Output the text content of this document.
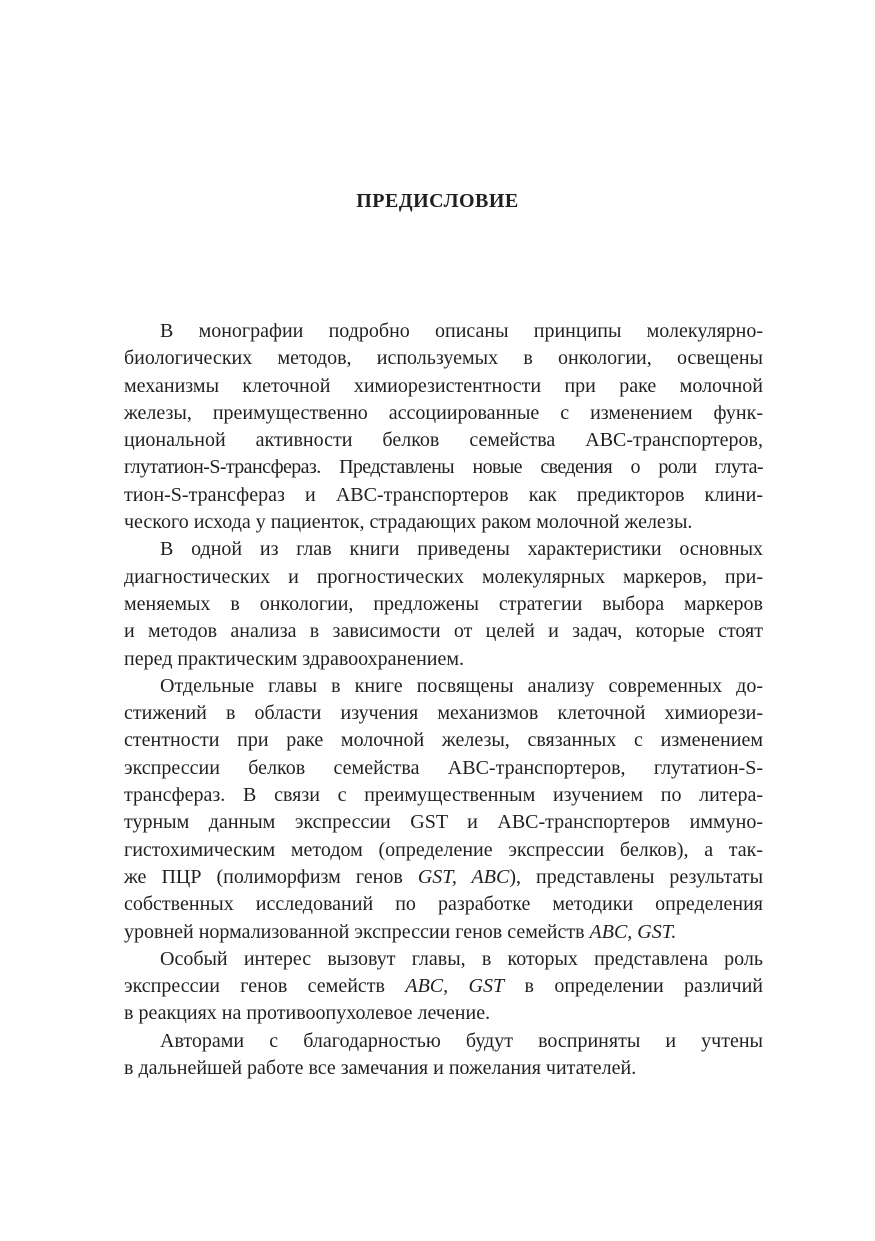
ПРЕДИСЛОВИЕ

В монографии подробно описаны принципы молекулярно-
биологических методов, используемых в онкологии, освещены
механизмы клеточной химиорезистентности при раке молочной
железы, преимущественно ассоциированные с изменением функ-
циональной активности белков семейства АВС-транспортеров,
глутатион-S-трансфераз. Представлены новые сведения о роли глута-
тион-S-трансфераз и АВС-транспортеров как предикторов клини-
ческого исхода у пациенток, страдающих раком молочной железы.

В одной из глав книги приведены характеристики основных
диагностических и прогностических молекулярных маркеров, при-
меняемых в онкологии, предложены стратегии выбора маркеров
и методов анализа в зависимости от целей и задач, которые стоят
перед практическим здравоохранением.

Отдельные главы в книге посвящены анализу современных до-
стижений в области изучения механизмов клеточной химиорези-
стентности при раке молочной железы, связанных с изменением
экспрессии белков семейства АВС-транспортеров, глутатион-S-
трансфераз. В связи с преимущественным изучением по литера-
турным данным экспрессии GST и АВС-транспортеров иммуно-
гистохимическим методом (определение экспрессии белков), а так-
же ПЦР (полиморфизм генов GST, ABC), представлены результаты
собственных исследований по разработке методики определения
уровней нормализованной экспрессии генов семейств ABC, GST.

Особый интерес вызовут главы, в которых представлена роль
экспрессии генов семейств ABC, GST в определении различий
в реакциях на противоопухолевое лечение.

Авторами с благодарностью будут восприняты и учтены
в дальнейшей работе все замечания и пожелания читателей.
